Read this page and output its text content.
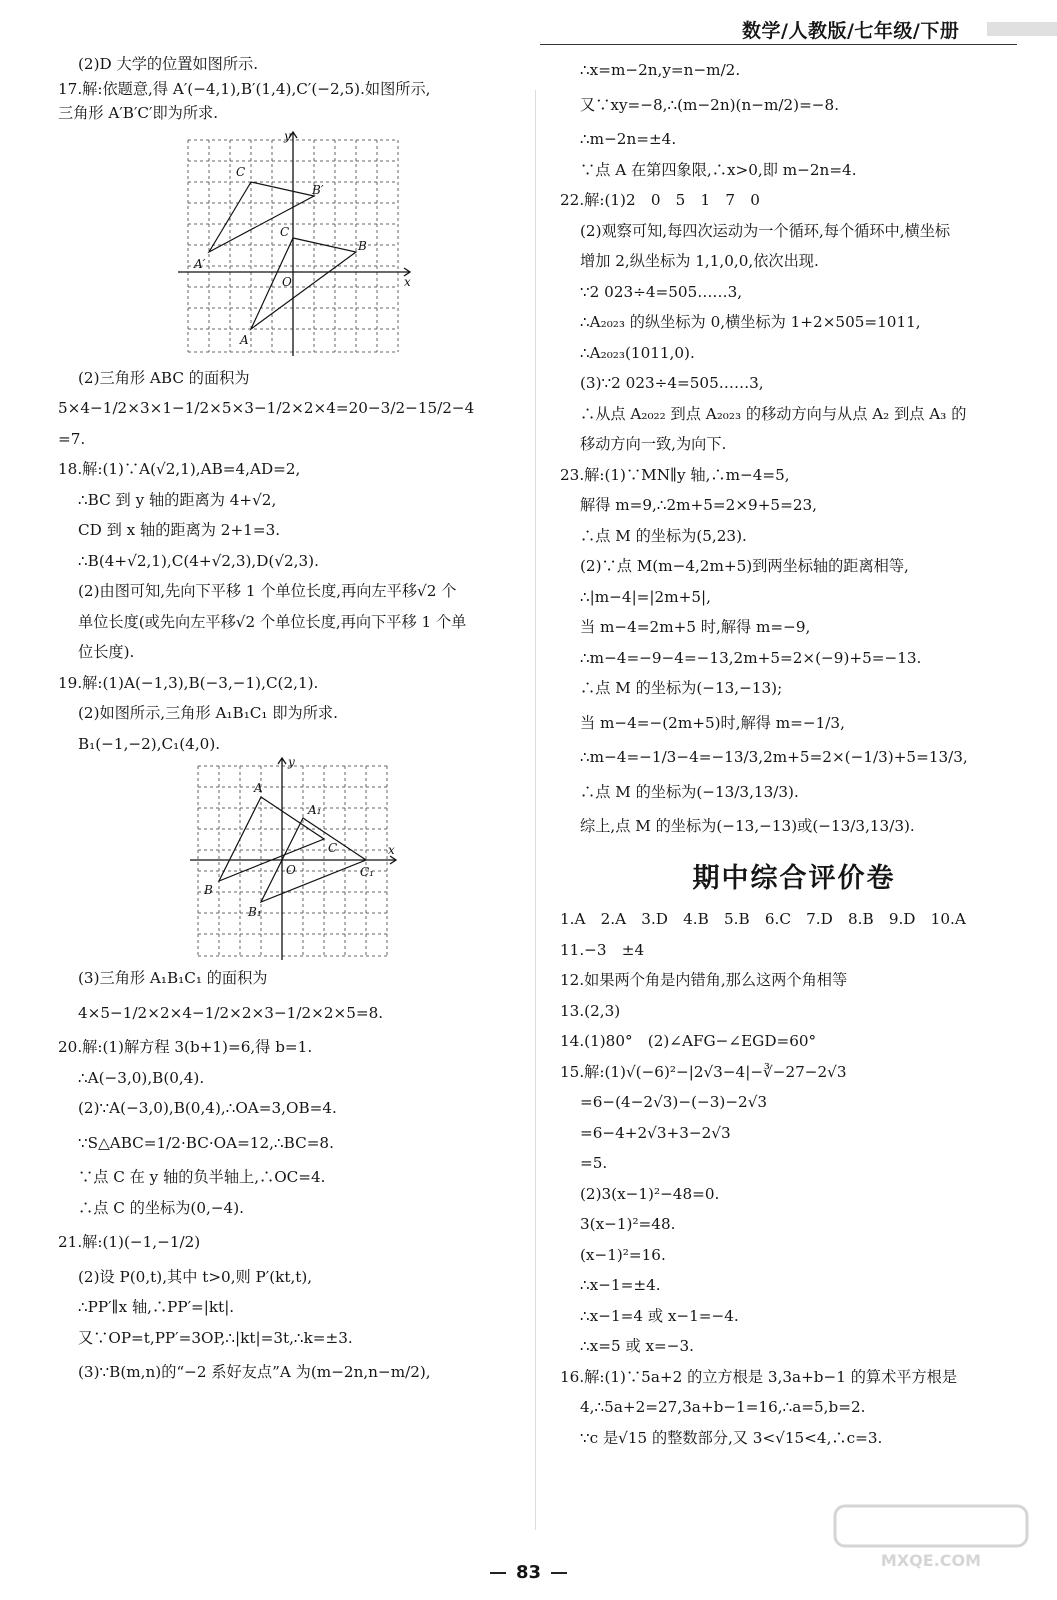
数学/人教版/七年级/下册
(2)D 大学的位置如图所示.
17.解:依题意,得 A′(−4,1),B′(1,4),C′(−2,5).如图所示,
三角形 A′B′C′即为所求.
C
B′
C
B
A′
O
A
x
y
(2)三角形 ABC 的面积为
5×4−1/2×3×1−1/2×5×3−1/2×2×4=20−3/2−15/2−4
=7.
18.解:(1)∵A(√2,1),AB=4,AD=2,
∴BC 到 y 轴的距离为 4+√2,
CD 到 x 轴的距离为 2+1=3.
∴B(4+√2,1),C(4+√2,3),D(√2,3).
(2)由图可知,先向下平移 1 个单位长度,再向左平移√2 个
单位长度(或先向左平移√2 个单位长度,再向下平移 1 个单
位长度).
19.解:(1)A(−1,3),B(−3,−1),C(2,1).
(2)如图所示,三角形 A₁B₁C₁ 即为所求.
B₁(−1,−2),C₁(4,0).
A
A₁
C
O	C₁
B
B₁
x
y
(3)三角形 A₁B₁C₁ 的面积为
4×5−1/2×2×4−1/2×2×3−1/2×2×5=8.
20.解:(1)解方程 3(b+1)=6,得 b=1.
∴A(−3,0),B(0,4).
(2)∵A(−3,0),B(0,4),∴OA=3,OB=4.
∵S△ABC=1/2·BC·OA=12,∴BC=8.
∵点 C 在 y 轴的负半轴上,∴OC=4.
∴点 C 的坐标为(0,−4).
21.解:(1)(−1,−1/2)
(2)设 P(0,t),其中 t>0,则 P′(kt,t),
∴PP′∥x 轴,∴PP′=|kt|.
又∵OP=t,PP′=3OP,∴|kt|=3t,∴k=±3.
(3)∵B(m,n)的“−2 系好友点”A 为(m−2n,n−m/2),
∴x=m−2n,y=n−m/2.
又∵xy=−8,∴(m−2n)(n−m/2)=−8.
∴m−2n=±4.
∵点 A 在第四象限,∴x>0,即 m−2n=4.
22.解:(1)2　0　5　1　7　0
(2)观察可知,每四次运动为一个循环,每个循环中,横坐标
增加 2,纵坐标为 1,1,0,0,依次出现.
∵2 023÷4=505……3,
∴A₂₀₂₃ 的纵坐标为 0,横坐标为 1+2×505=1011,
∴A₂₀₂₃(1011,0).
(3)∵2 023÷4=505……3,
∴从点 A₂₀₂₂ 到点 A₂₀₂₃ 的移动方向与从点 A₂ 到点 A₃ 的
移动方向一致,为向下.
23.解:(1)∵MN∥y 轴,∴m−4=5,
解得 m=9,∴2m+5=2×9+5=23,
∴点 M 的坐标为(5,23).
(2)∵点 M(m−4,2m+5)到两坐标轴的距离相等,
∴|m−4|=|2m+5|,
当 m−4=2m+5 时,解得 m=−9,
∴m−4=−9−4=−13,2m+5=2×(−9)+5=−13.
∴点 M 的坐标为(−13,−13);
当 m−4=−(2m+5)时,解得 m=−1/3,
∴m−4=−1/3−4=−13/3,2m+5=2×(−1/3)+5=13/3,
∴点 M 的坐标为(−13/3,13/3).
综上,点 M 的坐标为(−13,−13)或(−13/3,13/3).
期中综合评价卷
1.A　2.A　3.D　4.B　5.B　6.C　7.D　8.B　9.D　10.A
11.−3　±4
12.如果两个角是内错角,那么这两个角相等
13.(2,3)
14.(1)80°　(2)∠AFG−∠EGD=60°
15.解:(1)√(−6)²−|2√3−4|−∛−27−2√3
=6−(4−2√3)−(−3)−2√3
=6−4+2√3+3−2√3
=5.
(2)3(x−1)²−48=0.
3(x−1)²=48.
(x−1)²=16.
∴x−1=±4.
∴x−1=4 或 x−1=−4.
∴x=5 或 x=−3.
16.解:(1)∵5a+2 的立方根是 3,3a+b−1 的算术平方根是
4,∴5a+2=27,3a+b−1=16,∴a=5,b=2.
∵c 是√15 的整数部分,又 3<√15<4,∴c=3.
MXQE.COM
83
